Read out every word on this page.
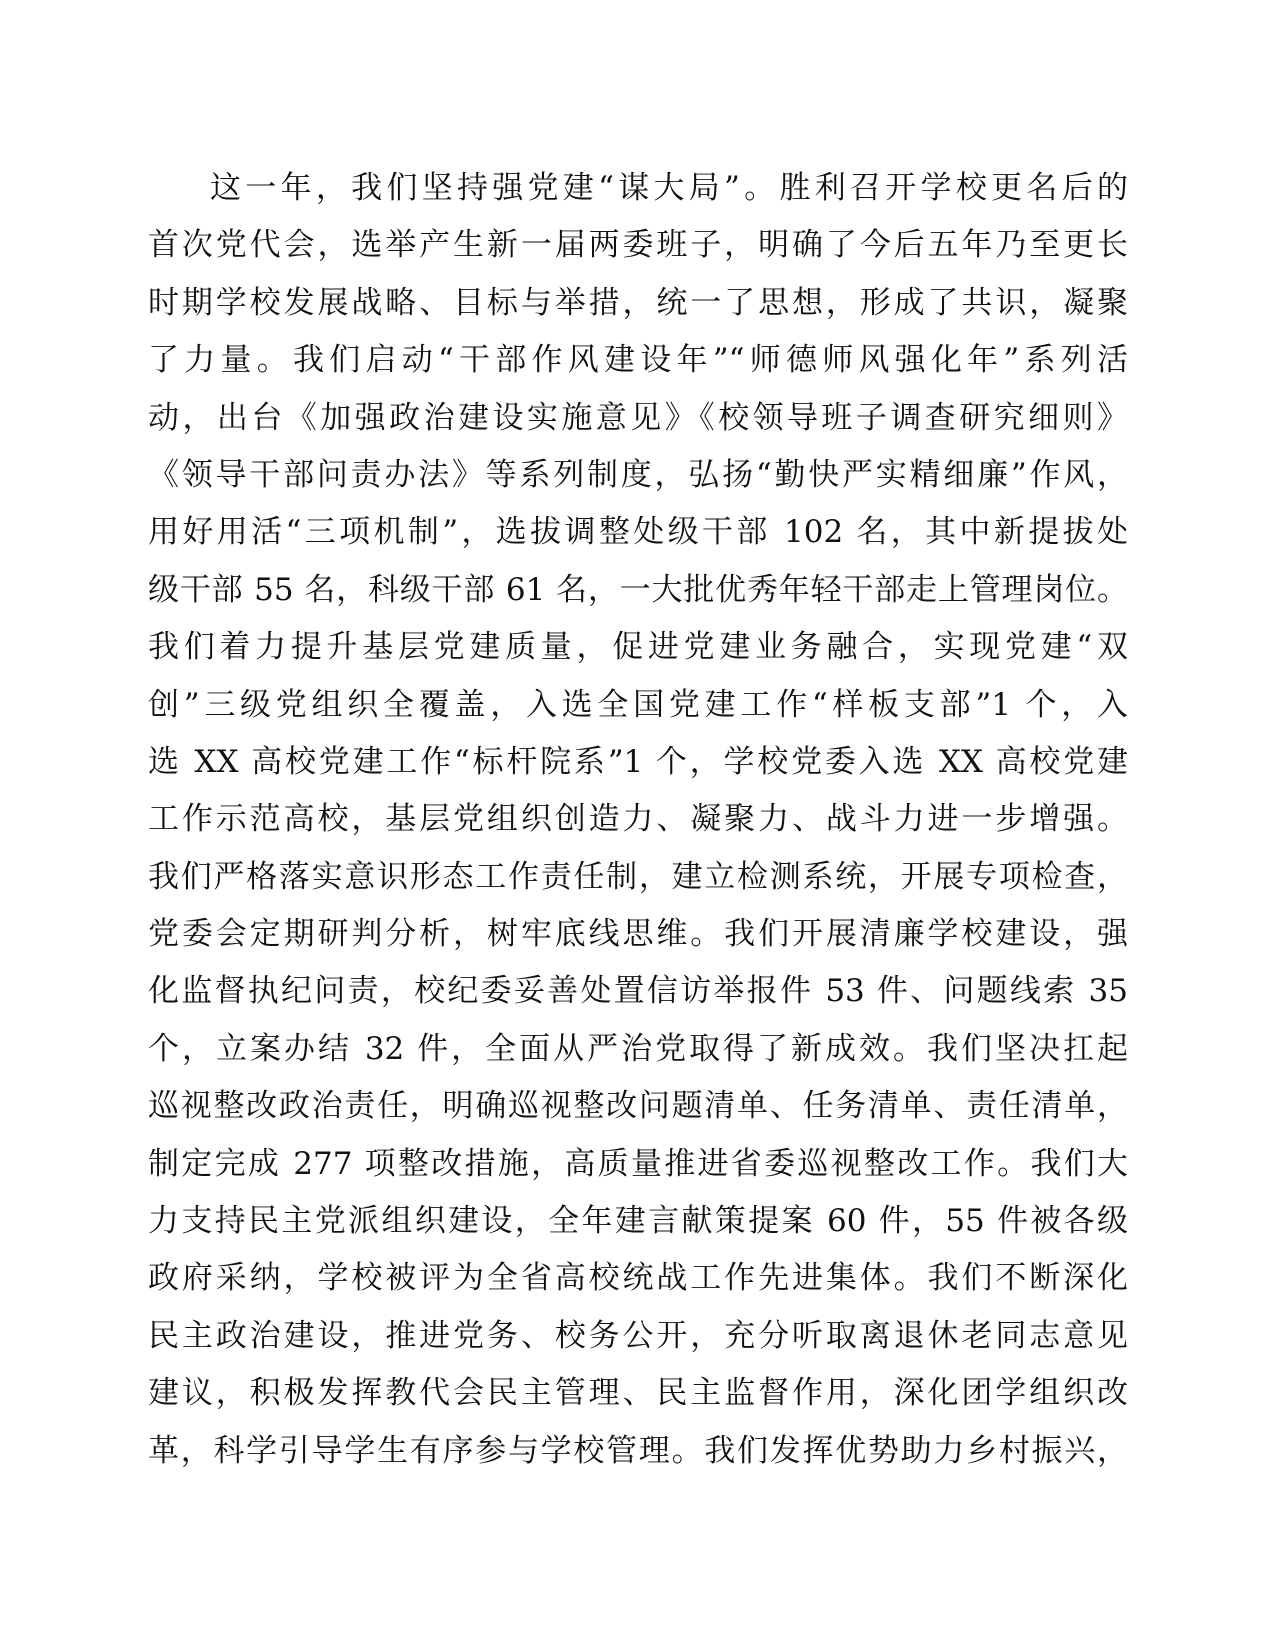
这一年，我们坚持强党建“谋大局”。胜利召开学校更名后的
首次党代会，选举产生新一届两委班子，明确了今后五年乃至更长
时期学校发展战略、目标与举措，统一了思想，形成了共识，凝聚
了力量。我们启动“干部作风建设年”“师德师风强化年”系列活
动，出台《加强政治建设实施意见》《校领导班子调查研究细则》
《领导干部问责办法》等系列制度，弘扬“勤快严实精细廉”作风，
用好用活“三项机制”，选拔调整处级干部 102 名，其中新提拔处
级干部 55 名，科级干部 61 名，一大批优秀年轻干部走上管理岗位。
我们着力提升基层党建质量，促进党建业务融合，实现党建“双
创”三级党组织全覆盖，入选全国党建工作“样板支部”1 个，入
选 XX 高校党建工作“标杆院系”1 个，学校党委入选 XX 高校党建
工作示范高校，基层党组织创造力、凝聚力、战斗力进一步增强。
我们严格落实意识形态工作责任制，建立检测系统，开展专项检查，
党委会定期研判分析，树牢底线思维。我们开展清廉学校建设，强
化监督执纪问责，校纪委妥善处置信访举报件 53 件、问题线索 35
个，立案办结 32 件，全面从严治党取得了新成效。我们坚决扛起
巡视整改政治责任，明确巡视整改问题清单、任务清单、责任清单，
制定完成 277 项整改措施，高质量推进省委巡视整改工作。我们大
力支持民主党派组织建设，全年建言献策提案 60 件，55 件被各级
政府采纳，学校被评为全省高校统战工作先进集体。我们不断深化
民主政治建设，推进党务、校务公开，充分听取离退休老同志意见
建议，积极发挥教代会民主管理、民主监督作用，深化团学组织改
革，科学引导学生有序参与学校管理。我们发挥优势助力乡村振兴，
